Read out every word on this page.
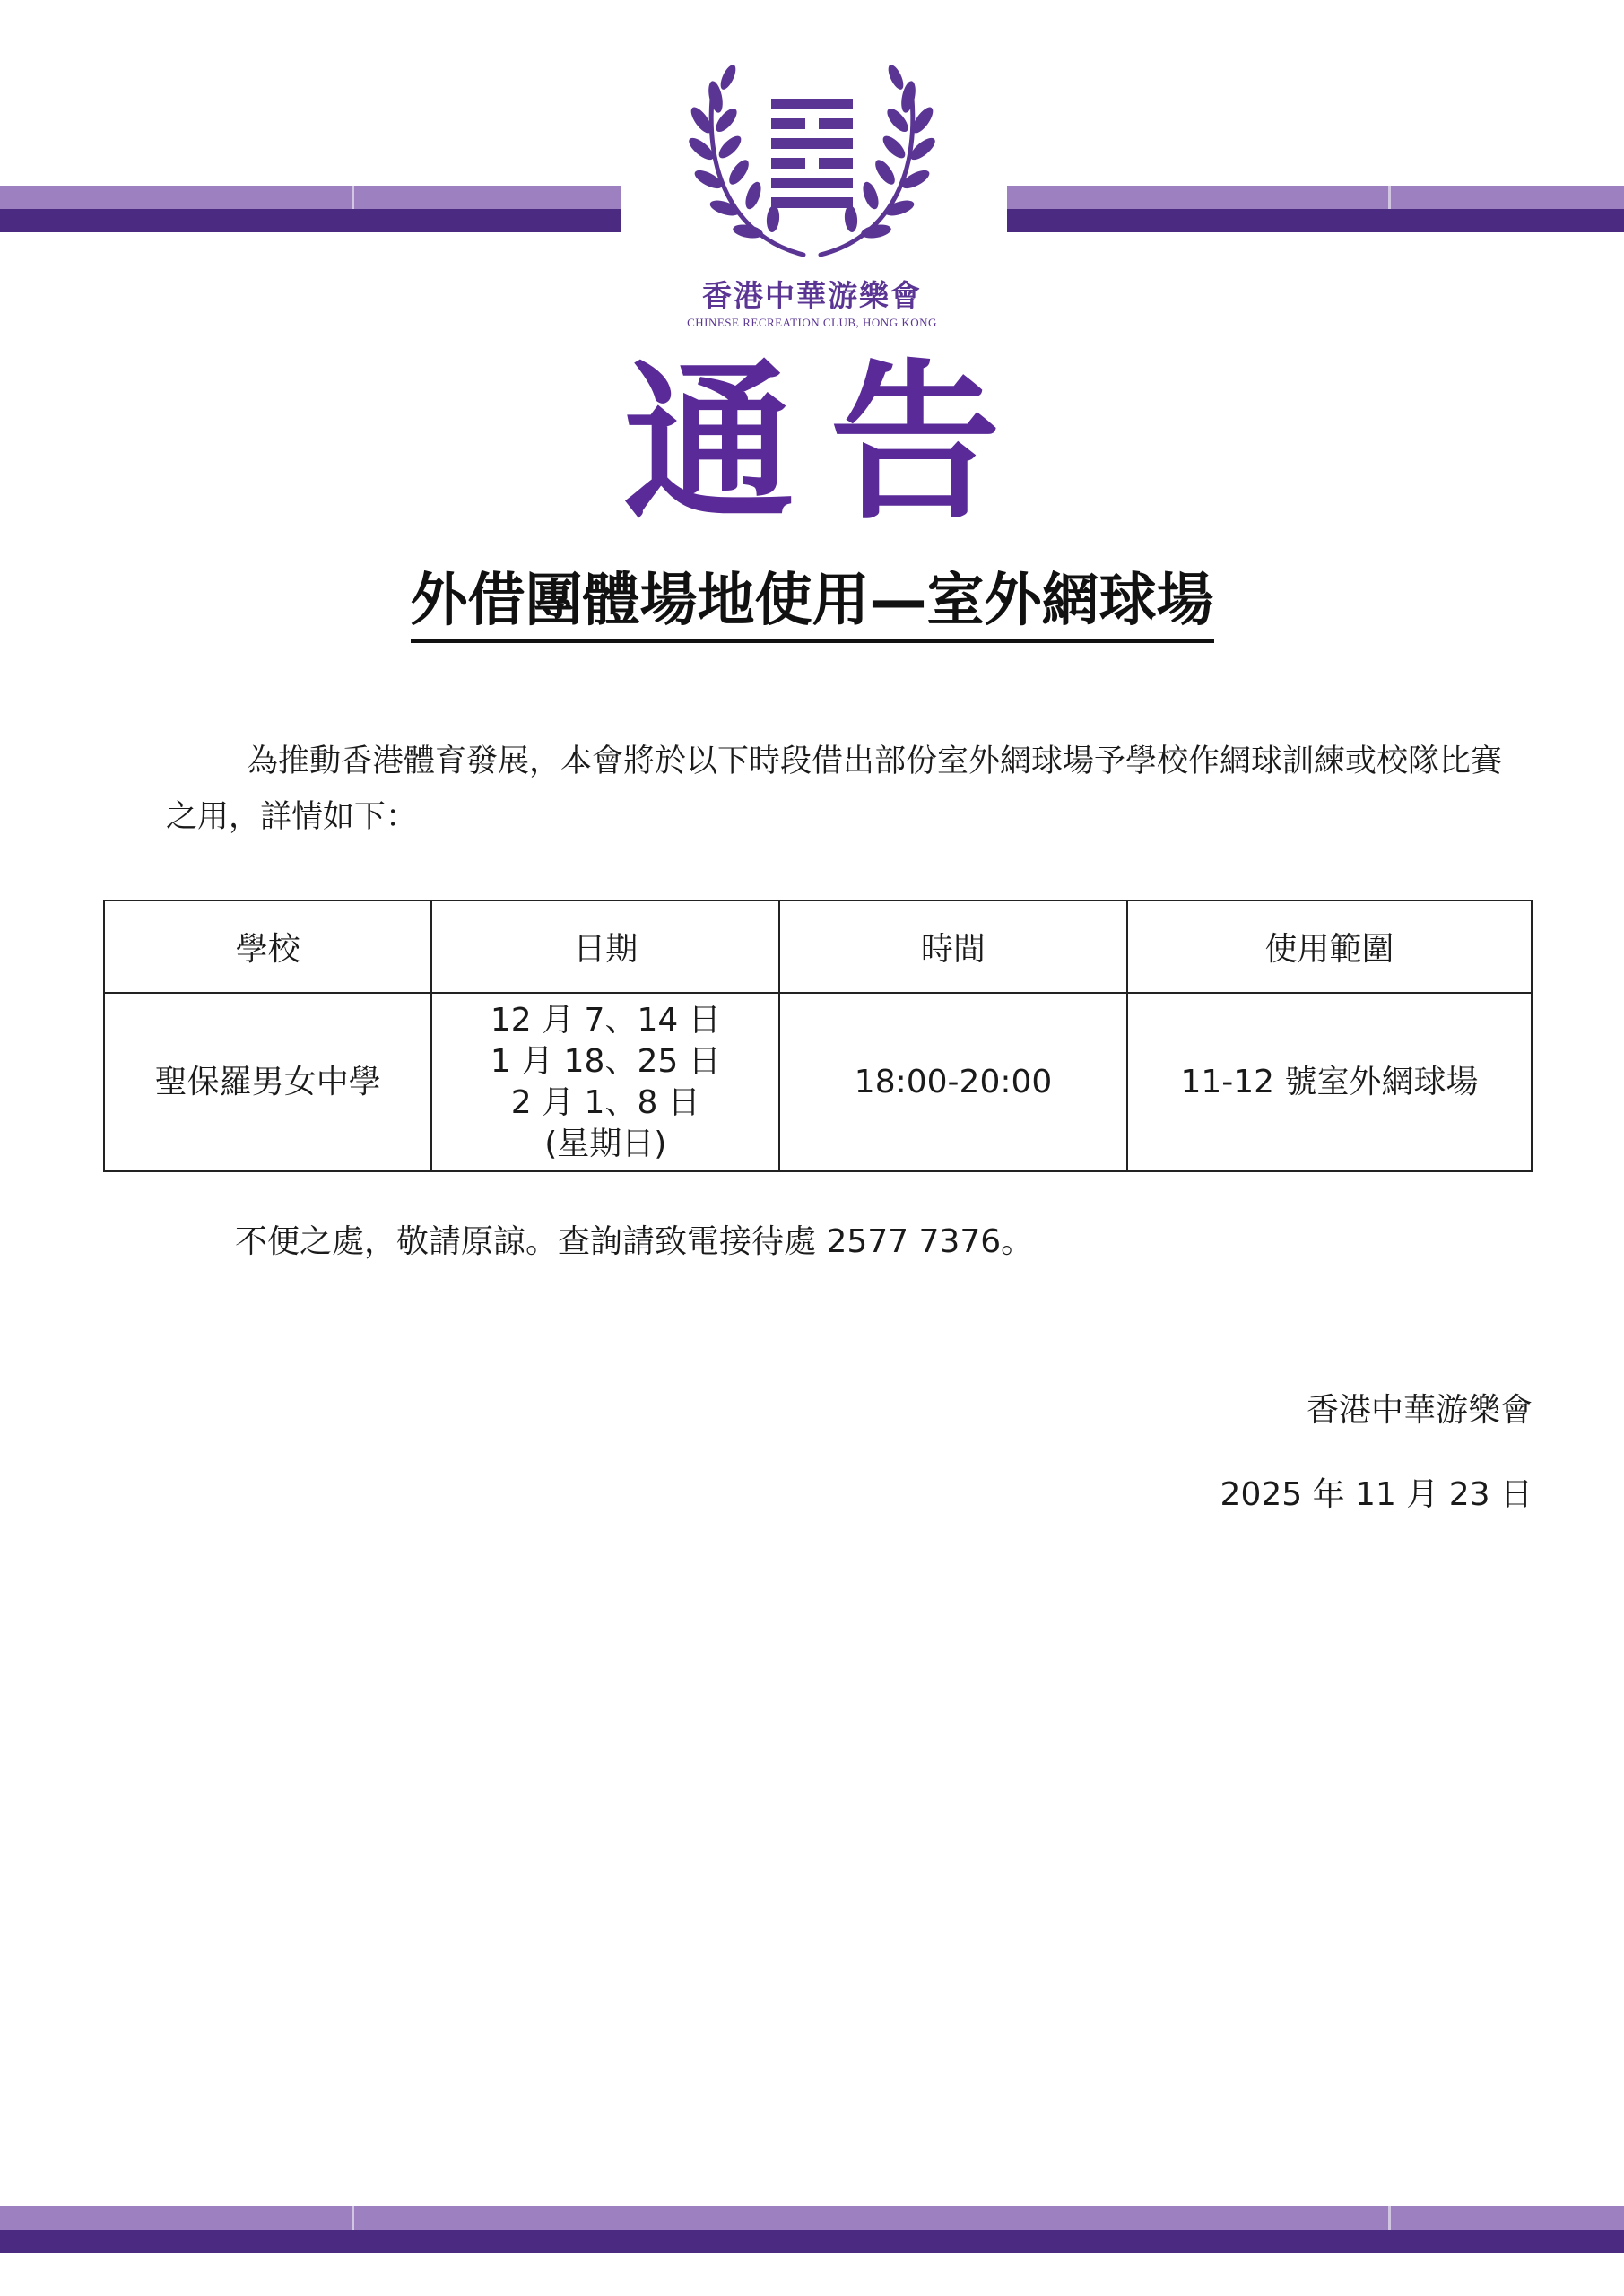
香港中華游樂會
CHINESE RECREATION CLUB, HONG KONG
通告
外借團體場地使用—室外網球場
為推動香港體育發展，本會將於以下時段借出部份室外網球場予學校作網球訓練或校隊比賽之用，詳情如下：
學校	日期	時間	使用範圍
聖保羅男女中學	12 月 7、14 日
1 月 18、25 日
2 月 1、8 日
(星期日)	18:00-20:00	11-12 號室外網球場
不便之處，敬請原諒。查詢請致電接待處 2577 7376。
香港中華游樂會
2025 年 11 月 23 日
